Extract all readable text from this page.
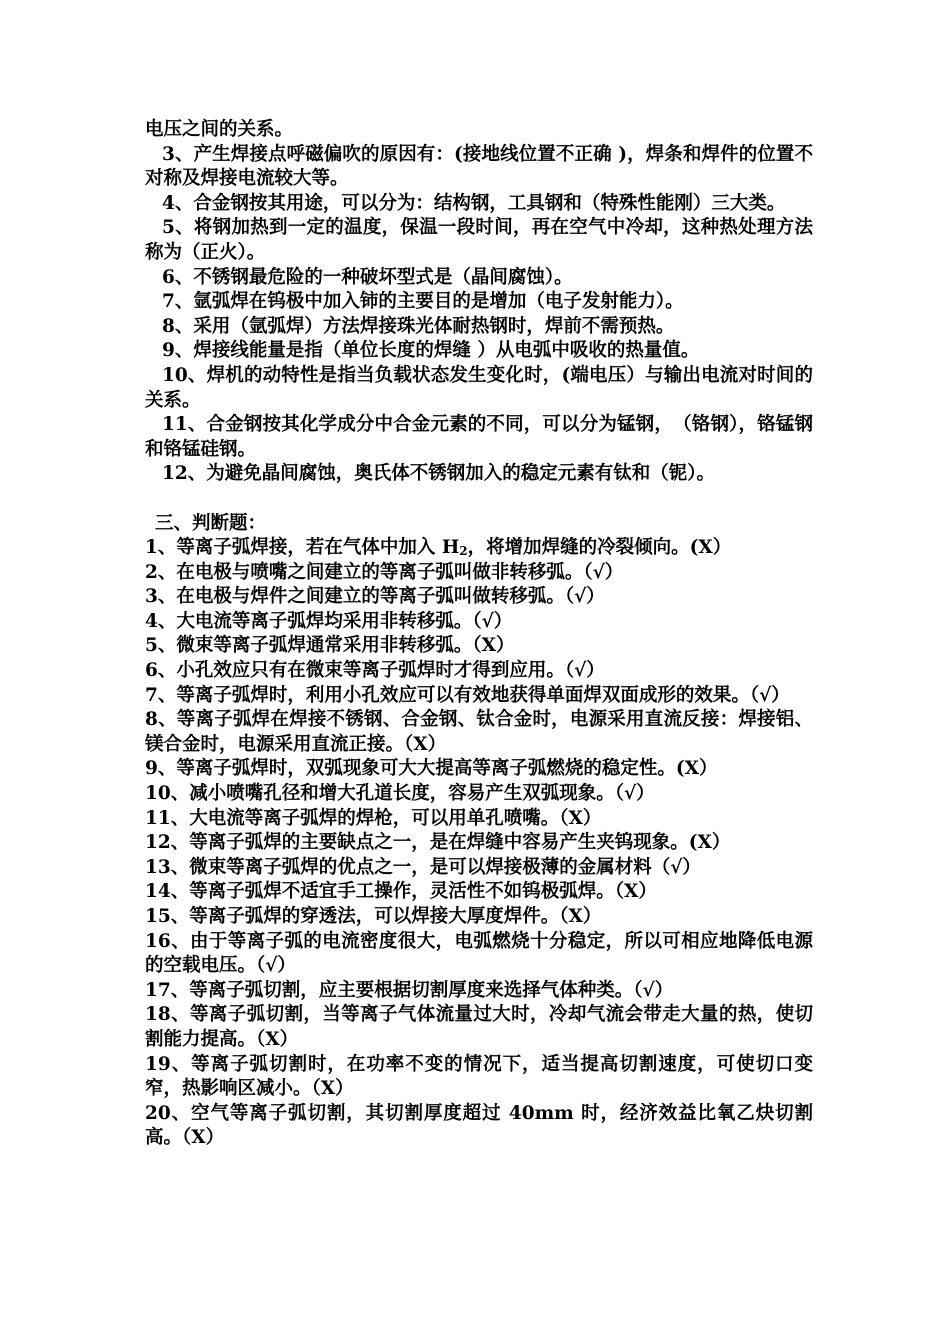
电压之间的关系。

3、产生焊接点呼磁偏吹的原因有：(接地线位置不正确 )，焊条和焊件的位置不对称及焊接电流较大等。

4、合金钢按其用途，可以分为：结构钢，工具钢和（特殊性能刚）三大类。

5、将钢加热到一定的温度，保温一段时间，再在空气中冷却，这种热处理方法称为（正火）。

6、不锈钢最危险的一种破坏型式是（晶间腐蚀）。

7、氩弧焊在钨极中加入铈的主要目的是增加（电子发射能力）。

8、采用（氩弧焊）方法焊接珠光体耐热钢时，焊前不需预热。

9、焊接线能量是指（单位长度的焊缝 ）从电弧中吸收的热量值。

10、焊机的动特性是指当负载状态发生变化时，(端电压）与输出电流对时间的关系。

11、合金钢按其化学成分中合金元素的不同，可以分为锰钢，　（铬钢），铬锰钢和铬锰硅钢。

12、为避免晶间腐蚀，奥氏体不锈钢加入的稳定元素有钛和（铌）。

三、判断题：

1、等离子弧焊接，若在气体中加入 $H_2$，将增加焊缝的冷裂倾向。(X）

2、在电极与喷嘴之间建立的等离子弧叫做非转移弧。（√）

3、在电极与焊件之间建立的等离子弧叫做转移弧。（√）

4、大电流等离子弧焊均采用非转移弧。（√）

5、微束等离子弧焊通常采用非转移弧。（X）

6、小孔效应只有在微束等离子弧焊时才得到应用。（√）

7、等离子弧焊时，利用小孔效应可以有效地获得单面焊双面成形的效果。（√）

8、等离子弧焊在焊接不锈钢、合金钢、钛合金时，电源采用直流反接：焊接铝、镁合金时，电源采用直流正接。（X）

9、等离子弧焊时，双弧现象可大大提高等离子弧燃烧的稳定性。(X）

10、减小喷嘴孔径和增大孔道长度，容易产生双弧现象。（√）

11、大电流等离子弧焊的焊枪，可以用单孔喷嘴。（X）

12、等离子弧焊的主要缺点之一，是在焊缝中容易产生夹钨现象。(X）

13、微束等离子弧焊的优点之一，是可以焊接极薄的金属材料（√）

14、等离子弧焊不适宜手工操作，灵活性不如钨极弧焊。（X）

15、等离子弧焊的穿透法，可以焊接大厚度焊件。（X）

16、由于等离子弧的电流密度很大，电弧燃烧十分稳定，所以可相应地降低电源的空载电压。（√）

17、等离子弧切割，应主要根据切割厚度来选择气体种类。（√）

18、等离子弧切割，当等离子气体流量过大时，冷却气流会带走大量的热，使切割能力提高。（X）

19、等离子弧切割时，在功率不变的情况下，适当提高切割速度，可使切口变窄，热影响区减小。（X）

20、空气等离子弧切割，其切割厚度超过 40mm 时，经济效益比氧乙炔切割高。（X）
